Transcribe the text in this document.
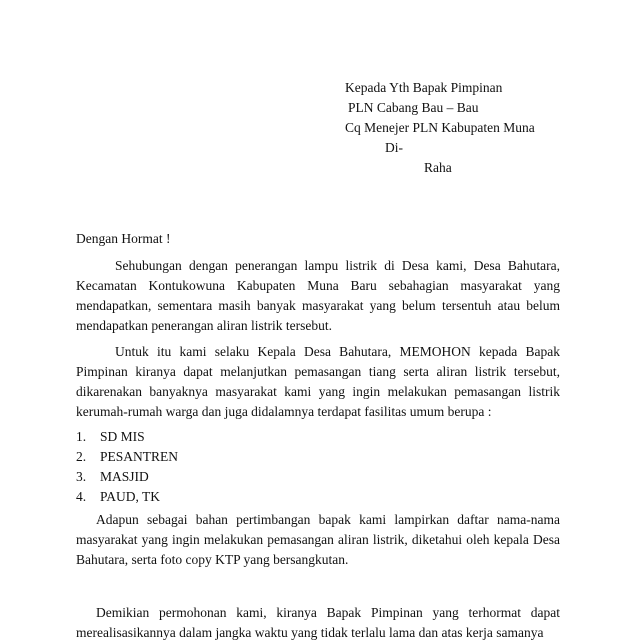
Kepada Yth Bapak Pimpinan
PLN Cabang Bau – Bau
Cq Menejer PLN Kabupaten Muna
Di-
Raha
Dengan Hormat !

Sehubungan dengan penerangan lampu listrik di Desa kami, Desa Bahutara, Kecamatan Kontukowuna Kabupaten Muna Baru sebahagian masyarakat yang mendapatkan, sementara masih banyak masyarakat yang belum tersentuh atau belum mendapatkan penerangan aliran listrik tersebut.

Untuk itu kami selaku Kepala Desa Bahutara, MEMOHON kepada Bapak Pimpinan kiranya dapat melanjutkan pemasangan tiang serta aliran listrik tersebut, dikarenakan banyaknya masyarakat kami yang ingin melakukan pemasangan listrik kerumah-rumah warga dan juga didalamnya terdapat fasilitas umum berupa :

1. SD MIS
2. PESANTREN
3. MASJID
4. PAUD, TK

Adapun sebagai bahan pertimbangan bapak kami lampirkan daftar nama-nama masyarakat yang ingin melakukan pemasangan aliran listrik, diketahui oleh kepala Desa Bahutara, serta foto copy KTP yang bersangkutan.

Demikian permohonan kami, kiranya Bapak Pimpinan yang terhormat dapat merealisasikannya dalam jangka waktu yang tidak terlalu lama dan atas kerja samanya
